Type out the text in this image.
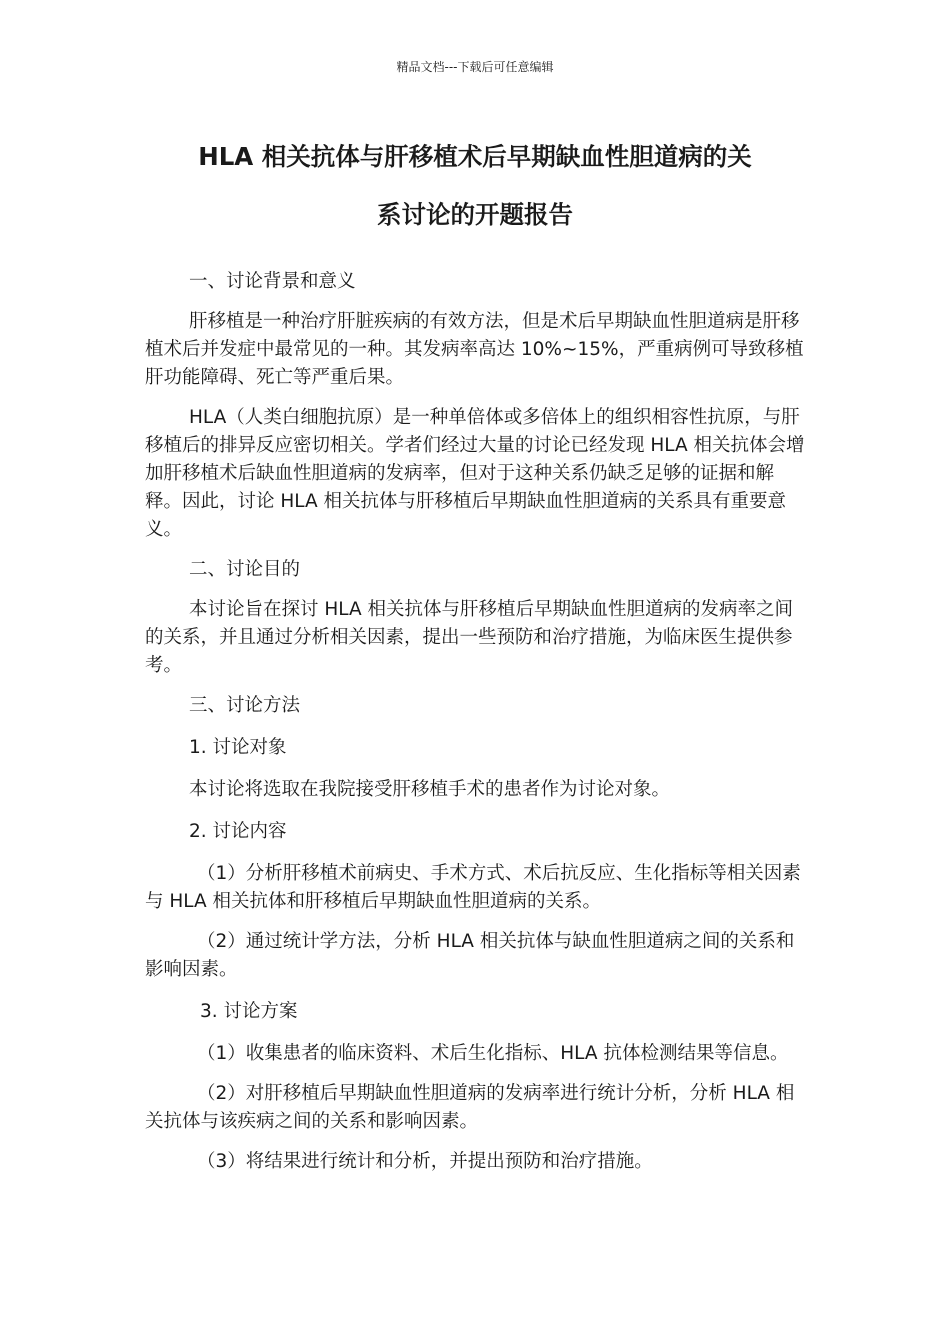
精品文档---下载后可任意编辑
HLA 相关抗体与肝移植术后早期缺血性胆道病的关
系讨论的开题报告

一、讨论背景和意义

肝移植是一种治疗肝脏疾病的有效方法，但是术后早期缺血性胆道病是肝移植术后并发症中最常见的一种。其发病率高达 10%~15%，严重病例可导致移植肝功能障碍、死亡等严重后果。

HLA（人类白细胞抗原）是一种单倍体或多倍体上的组织相容性抗原，与肝移植后的排异反应密切相关。学者们经过大量的讨论已经发现 HLA 相关抗体会增加肝移植术后缺血性胆道病的发病率，但对于这种关系仍缺乏足够的证据和解释。因此，讨论 HLA 相关抗体与肝移植后早期缺血性胆道病的关系具有重要意义。

二、讨论目的

本讨论旨在探讨 HLA 相关抗体与肝移植后早期缺血性胆道病的发病率之间的关系，并且通过分析相关因素，提出一些预防和治疗措施，为临床医生提供参考。

三、讨论方法

1. 讨论对象

本讨论将选取在我院接受肝移植手术的患者作为讨论对象。

2. 讨论内容

（1）分析肝移植术前病史、手术方式、术后抗反应、生化指标等相关因素与 HLA 相关抗体和肝移植后早期缺血性胆道病的关系。

（2）通过统计学方法，分析 HLA 相关抗体与缺血性胆道病之间的关系和影响因素。

3. 讨论方案

（1）收集患者的临床资料、术后生化指标、HLA 抗体检测结果等信息。

（2）对肝移植后早期缺血性胆道病的发病率进行统计分析，分析 HLA 相关抗体与该疾病之间的关系和影响因素。

（3）将结果进行统计和分析，并提出预防和治疗措施。
